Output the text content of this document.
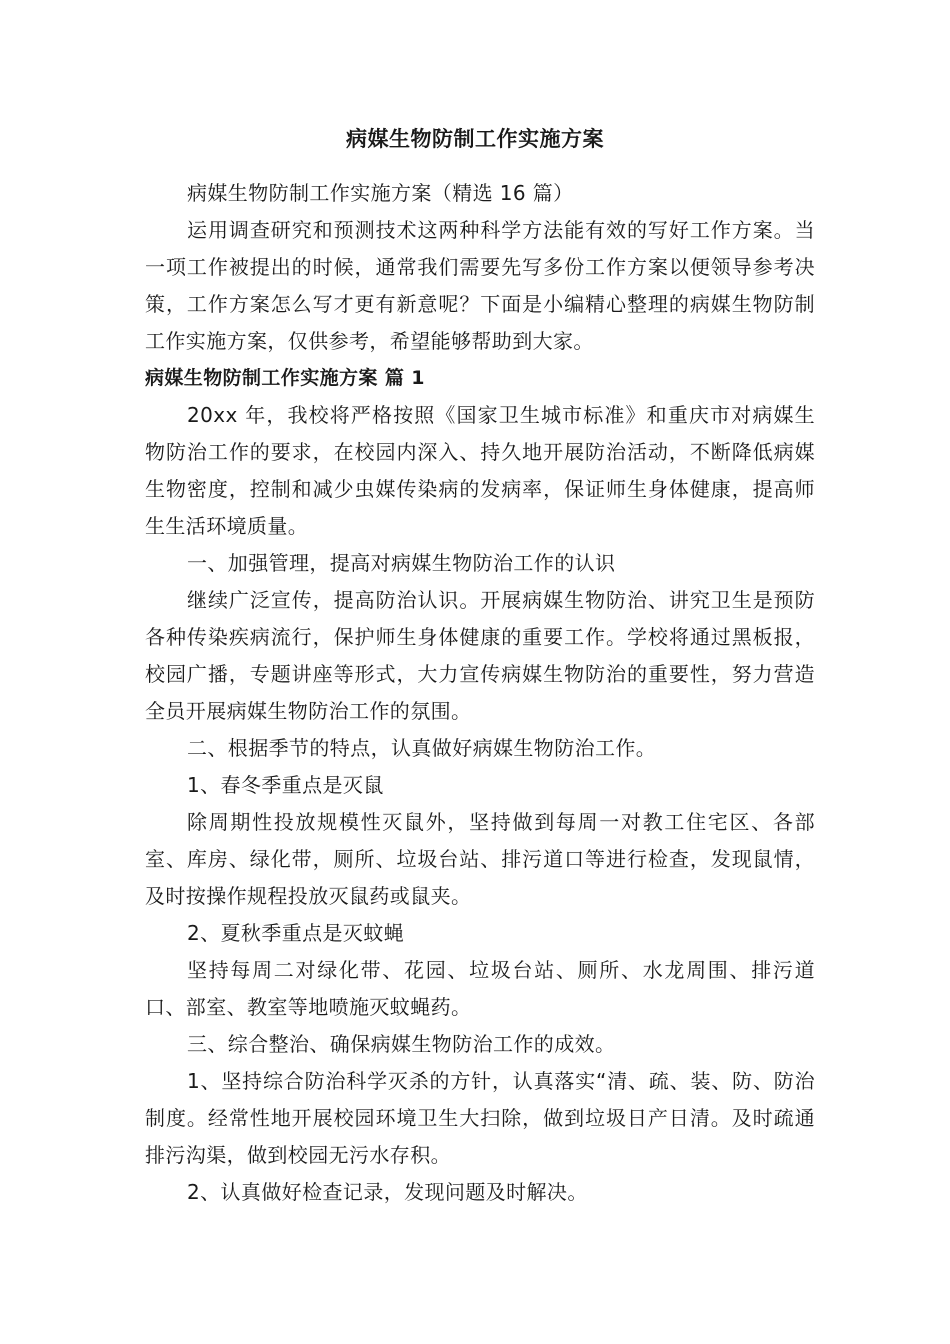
病媒生物防制工作实施方案

病媒生物防制工作实施方案（精选 16 篇）

运用调查研究和预测技术这两种科学方法能有效的写好工作方案。当一项工作被提出的时候，通常我们需要先写多份工作方案以便领导参考决策，工作方案怎么写才更有新意呢？下面是小编精心整理的病媒生物防制工作实施方案，仅供参考，希望能够帮助到大家。

病媒生物防制工作实施方案 篇 1

20xx 年，我校将严格按照《国家卫生城市标准》和重庆市对病媒生物防治工作的要求，在校园内深入、持久地开展防治活动，不断降低病媒生物密度，控制和减少虫媒传染病的发病率，保证师生身体健康，提高师生生活环境质量。

一、加强管理，提高对病媒生物防治工作的认识

继续广泛宣传，提高防治认识。开展病媒生物防治、讲究卫生是预防各种传染疾病流行，保护师生身体健康的重要工作。学校将通过黑板报，校园广播，专题讲座等形式，大力宣传病媒生物防治的重要性，努力营造全员开展病媒生物防治工作的氛围。

二、根据季节的特点，认真做好病媒生物防治工作。

1、春冬季重点是灭鼠

除周期性投放规模性灭鼠外，坚持做到每周一对教工住宅区、各部室、库房、绿化带，厕所、垃圾台站、排污道口等进行检查，发现鼠情，及时按操作规程投放灭鼠药或鼠夹。

2、夏秋季重点是灭蚊蝇

坚持每周二对绿化带、花园、垃圾台站、厕所、水龙周围、排污道口、部室、教室等地喷施灭蚊蝇药。

三、综合整治、确保病媒生物防治工作的成效。

1、坚持综合防治科学灭杀的方针，认真落实“清、疏、装、防、防治制度。经常性地开展校园环境卫生大扫除，做到垃圾日产日清。及时疏通排污沟渠，做到校园无污水存积。

2、认真做好检查记录，发现问题及时解决。
